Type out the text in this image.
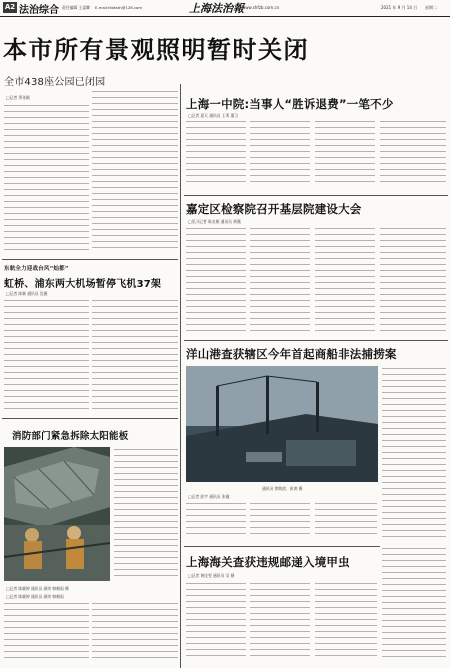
A2 法治综合 责任编辑 王睿卿 E-mail:fzbfzzh@126.com	上海法治報
www.shfzb.com.cn	2021 年 9 月 14 日 星期二
本市所有景观照明暂时关闭
全市438座公园已闭园
□记者 季张颖	上海一中院:当事人“胜诉退费”一笔不少
□记者 夏天 通讯员 王鸾 董卫
嘉定区检察院召开基层院建设大会
□见习记者 陈友敏 通讯员 黄薇
东航全力迎战台风“灿都”
虹桥、浦东两大机场暂停飞机37架
□记者 陈颖 通讯员 沈薇
消防部门紧急拆除太阳能板
□记者 陈颖婷 通讯员 顾荣 韩朝雨 摄
□记者 陈颖婷 通讯员 顾荣 韩朝雨
洋山港查获辖区今年首起商船非法捕捞案
通讯员 徐海滨、彭鸿 摄
□记者 彭宇 通讯员 张璇
上海海关查获违规邮递入境甲虫
□记者 黄佳雯 通讯员 吴 静
